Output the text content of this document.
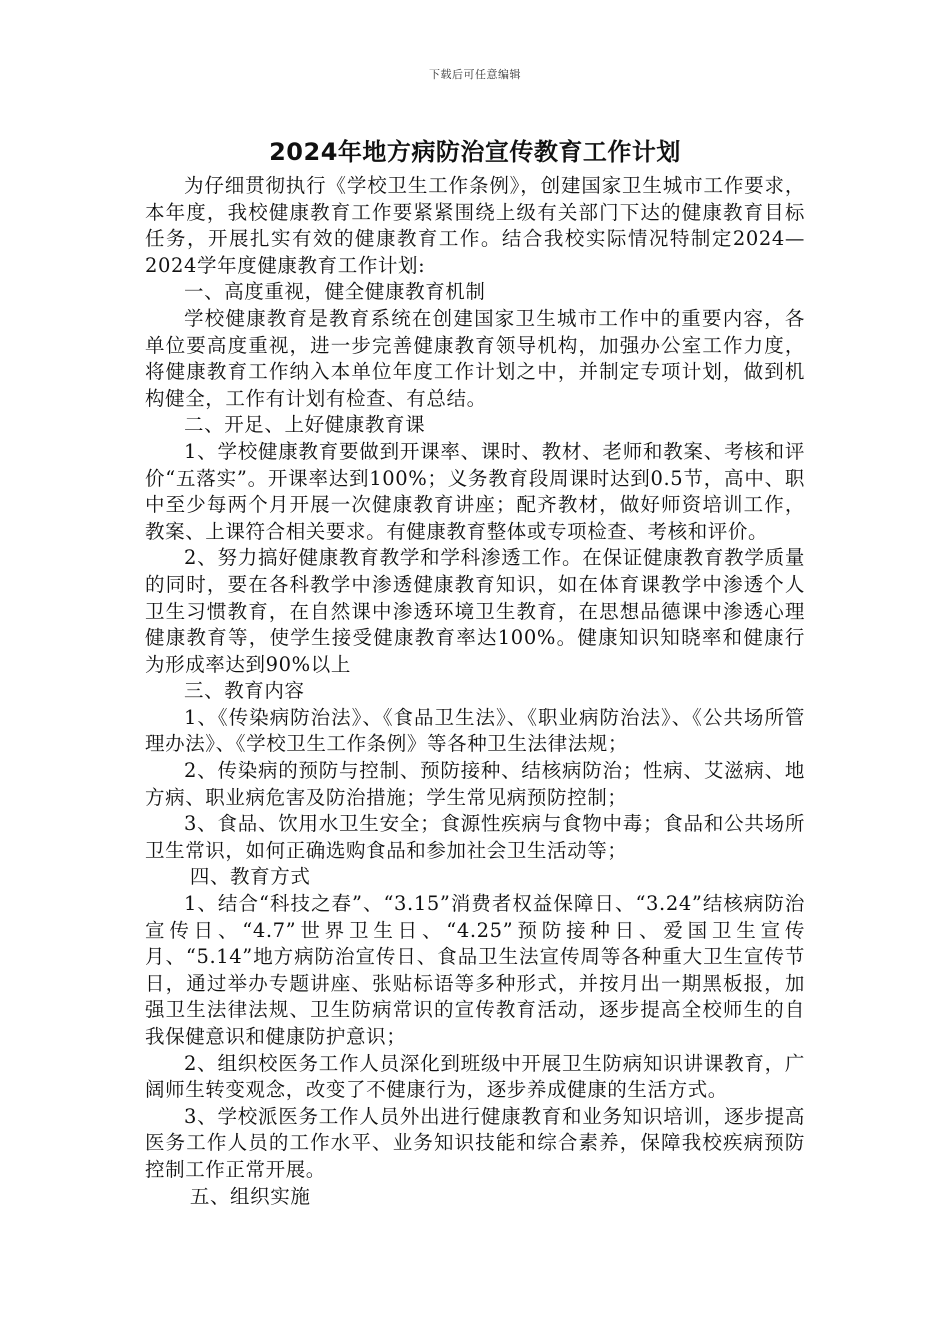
下载后可任意编辑
2024年地方病防治宣传教育工作计划

为仔细贯彻执行《学校卫生工作条例》，创建国家卫生城市工作要求，本年度，我校健康教育工作要紧紧围绕上级有关部门下达的健康教育目标任务，开展扎实有效的健康教育工作。结合我校实际情况特制定2024—2024学年度健康教育工作计划:

一、高度重视，健全健康教育机制

学校健康教育是教育系统在创建国家卫生城市工作中的重要内容，各单位要高度重视，进一步完善健康教育领导机构，加强办公室工作力度，将健康教育工作纳入本单位年度工作计划之中，并制定专项计划，做到机构健全，工作有计划有检查、有总结。

二、开足、上好健康教育课

1、学校健康教育要做到开课率、课时、教材、老师和教案、考核和评价“五落实”。开课率达到100%；义务教育段周课时达到0.5节，高中、职中至少每两个月开展一次健康教育讲座；配齐教材，做好师资培训工作，教案、上课符合相关要求。有健康教育整体或专项检查、考核和评价。

2、努力搞好健康教育教学和学科渗透工作。在保证健康教育教学质量的同时，要在各科教学中渗透健康教育知识，如在体育课教学中渗透个人卫生习惯教育，在自然课中渗透环境卫生教育，在思想品德课中渗透心理健康教育等，使学生接受健康教育率达100%。健康知识知晓率和健康行为形成率达到90%以上

三、教育内容

1、《传染病防治法》、《食品卫生法》、《职业病防治法》、《公共场所管理办法》、《学校卫生工作条例》等各种卫生法律法规；

2、传染病的预防与控制、预防接种、结核病防治；性病、艾滋病、地方病、职业病危害及防治措施；学生常见病预防控制；

3、食品、饮用水卫生安全；食源性疾病与食物中毒；食品和公共场所卫生常识，如何正确选购食品和参加社会卫生活动等；

四、教育方式

1、结合“科技之春”、“3.15”消费者权益保障日、“3.24”结核病防治宣传日、“4.7”世界卫生日、“4.25”预防接种日、爱国卫生宣传月、“5.14”地方病防治宣传日、食品卫生法宣传周等各种重大卫生宣传节日，通过举办专题讲座、张贴标语等多种形式，并按月出一期黑板报，加强卫生法律法规、卫生防病常识的宣传教育活动，逐步提高全校师生的自我保健意识和健康防护意识；

2、组织校医务工作人员深化到班级中开展卫生防病知识讲课教育，广阔师生转变观念，改变了不健康行为，逐步养成健康的生活方式。

3、学校派医务工作人员外出进行健康教育和业务知识培训，逐步提高医务工作人员的工作水平、业务知识技能和综合素养，保障我校疾病预防控制工作正常开展。

五、组织实施
